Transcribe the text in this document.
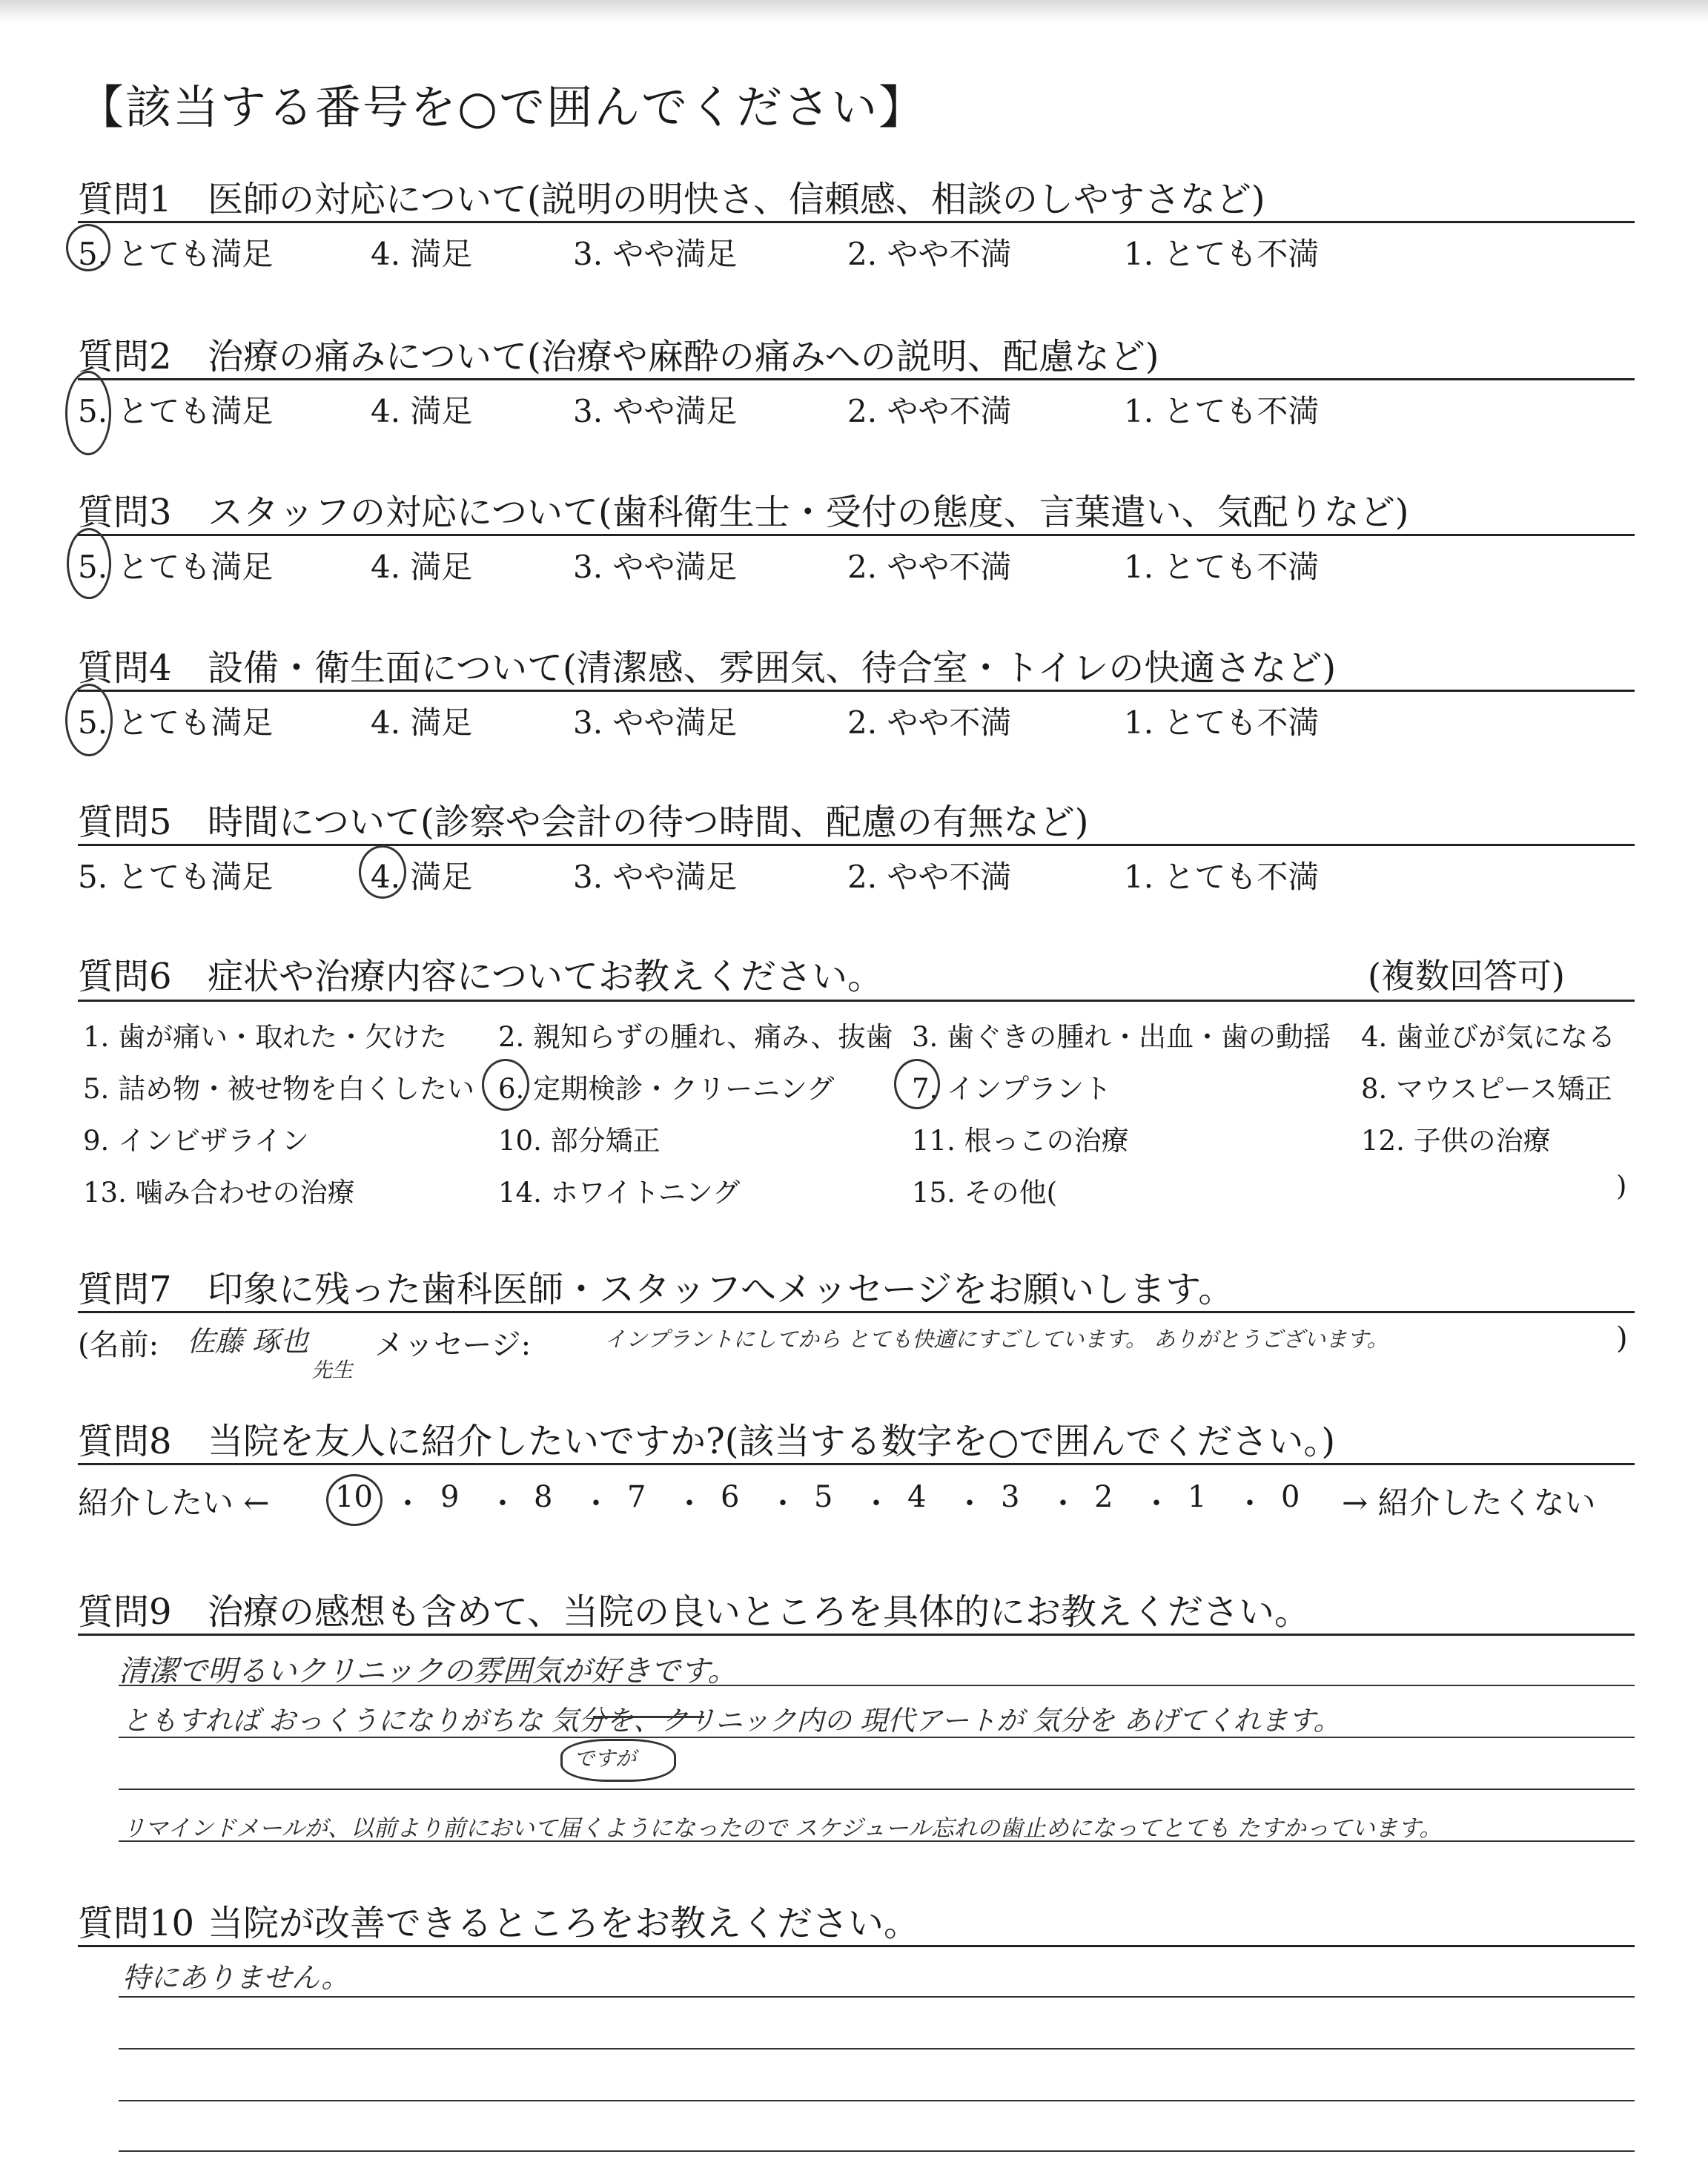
【該当する番号を○で囲んでください】
質問1 医師の対応について(説明の明快さ、信頼感、相談のしやすさなど)
5. とても満足	4. 満足	3. やや満足	2. やや不満	1. とても不満
質問2 治療の痛みについて(治療や麻酔の痛みへの説明、配慮など)
5. とても満足	4. 満足	3. やや満足	2. やや不満	1. とても不満
質問3 スタッフの対応について(歯科衛生士・受付の態度、言葉遣い、気配りなど)
5. とても満足	4. 満足	3. やや満足	2. やや不満	1. とても不満
質問4 設備・衛生面について(清潔感、雰囲気、待合室・トイレの快適さなど)
5. とても満足	4. 満足	3. やや満足	2. やや不満	1. とても不満
質問5 時間について(診察や会計の待つ時間、配慮の有無など)
5. とても満足	4. 満足	3. やや満足	2. やや不満	1. とても不満
質問6 症状や治療内容についてお教えください。	(複数回答可)
1. 歯が痛い・取れた・欠けた 2. 親知らずの腫れ、痛み、抜歯 3. 歯ぐきの腫れ・出血・歯の動揺 4. 歯並びが気になる
5. 詰め物・被せ物を白くしたい 6. 定期検診・クリーニング	7. インプラント	8. マウスピース矯正
9. インビザライン	10. 部分矯正	11. 根っこの治療	12. 子供の治療
13. 噛み合わせの治療	14. ホワイトニング	15. その他(	)
質問7 印象に残った歯科医師・スタッフへメッセージをお願いします。
(名前: 佐藤 琢也
先生
メッセージ:	インプラントにしてから とても快適にすごしています。 ありがとうございます。	)
質問8 当院を友人に紹介したいですか?(該当する数字を○で囲んでください。)
紹介したい ← 10 ・ 9 ・ 8 ・ 7 ・ 6 ・ 5 ・ 4 ・ 3 ・ 2 ・ 1 ・ 0 → 紹介したくない
質問9 治療の感想も含めて、当院の良いところを具体的にお教えください。
清潔で明るいクリニックの雰囲気が好きです。
ともすれば おっくうになりがちな 気分を、クリニック内の 現代アートが 気分を あげてくれます。
ですが
リマインドメールが、以前より前において届くようになったので スケジュール忘れの歯止めになってとても たすかっています。
質問10 当院が改善できるところをお教えください。
特にありません。
